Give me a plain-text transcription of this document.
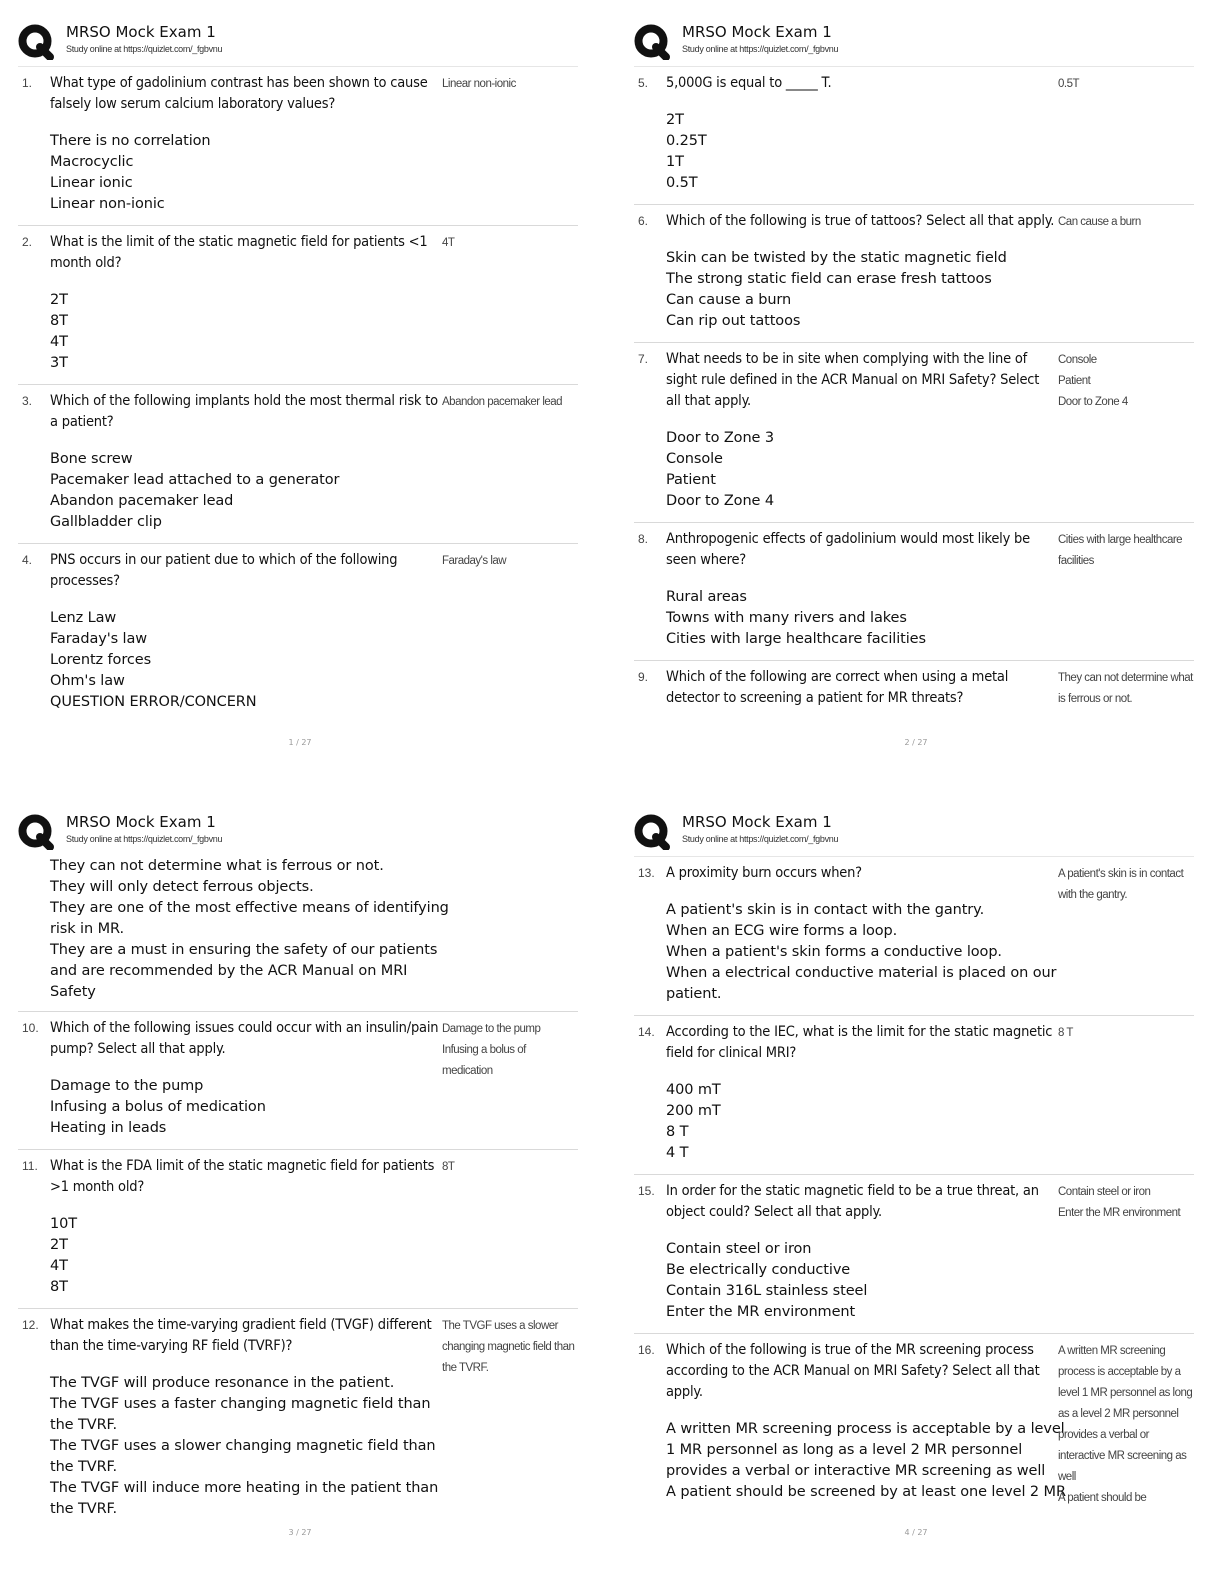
MRSO Mock Exam 1
Study online at https://quizlet.com/_fgbvnu
1. What type of gadolinium contrast has been shown to cause falsely low serum calcium laboratory values?
Linear non-ionic
There is no correlation
Macrocyclic
Linear ionic
Linear non-ionic
2. What is the limit of the static magnetic field for patients <1 month old?
4T
2T
8T
4T
3T
3. Which of the following implants hold the most thermal risk to a patient?
Abandon pacemaker lead
Bone screw
Pacemaker lead attached to a generator
Abandon pacemaker lead
Gallbladder clip
4. PNS occurs in our patient due to which of the following processes?
Faraday's law
Lenz Law
Faraday's law
Lorentz forces
Ohm's law
QUESTION ERROR/CONCERN
1 / 27
MRSO Mock Exam 1
Study online at https://quizlet.com/_fgbvnu
5. 5,000G is equal to _____ T.	0.5T
2T
0.25T
1T
0.5T
6. Which of the following is true of tattoos? Select all that apply. Can cause a burn
Skin can be twisted by the static magnetic field
The strong static field can erase fresh tattoos
Can cause a burn
Can rip out tattoos
7. What needs to be in site when complying with the line of sight rule defined in the ACR Manual on MRI Safety? Select all that apply.
Console
Patient
Door to Zone 4
Door to Zone 3
Console
Patient
Door to Zone 4
8. Anthropogenic effects of gadolinium would most likely be seen where?
Cities with large healthcare facilities
Rural areas
Towns with many rivers and lakes
Cities with large healthcare facilities
9. Which of the following are correct when using a metal detector to screening a patient for MR threats?
They can not determine what is ferrous or not.
2 / 27
MRSO Mock Exam 1
Study online at https://quizlet.com/_fgbvnu
They can not determine what is ferrous or not.
They will only detect ferrous objects.
They are one of the most effective means of identifying risk in MR.
They are a must in ensuring the safety of our patients and are recommended by the ACR Manual on MRI Safety
10. Which of the following issues could occur with an insulin/pain pump? Select all that apply.
Damage to the pump
Infusing a bolus of medication
Damage to the pump
Infusing a bolus of medication
Heating in leads
11. What is the FDA limit of the static magnetic field for patients >1 month old?
8T
10T
2T
4T
8T
12. What makes the time-varying gradient field (TVGF) different than the time-varying RF field (TVRF)?
The TVGF uses a slower changing magnetic field than the TVRF.
The TVGF will produce resonance in the patient.
The TVGF uses a faster changing magnetic field than the TVRF.
The TVGF uses a slower changing magnetic field than the TVRF.
The TVGF will induce more heating in the patient than the TVRF.
3 / 27
MRSO Mock Exam 1
Study online at https://quizlet.com/_fgbvnu
13. A proximity burn occurs when?	A patient's skin is in contact with the gantry.
A patient's skin is in contact with the gantry.
When an ECG wire forms a loop.
When a patient's skin forms a conductive loop.
When a electrical conductive material is placed on our patient.
14. According to the IEC, what is the limit for the static magnetic field for clinical MRI?
8 T
400 mT
200 mT
8 T
4 T
15. In order for the static magnetic field to be a true threat, an object could? Select all that apply.
Contain steel or iron
Enter the MR environment
Contain steel or iron
Be electrically conductive
Contain 316L stainless steel
Enter the MR environment
16. Which of the following is true of the MR screening process according to the ACR Manual on MRI Safety? Select all that apply.
A written MR screening process is acceptable by a level 1 MR personnel as long as a level 2 MR personnel provides a verbal or interactive MR screening as well
A patient should be
A written MR screening process is acceptable by a level 1 MR personnel as long as a level 2 MR personnel provides a verbal or interactive MR screening as well
A patient should be screened by at least one level 2 MR
4 / 27
